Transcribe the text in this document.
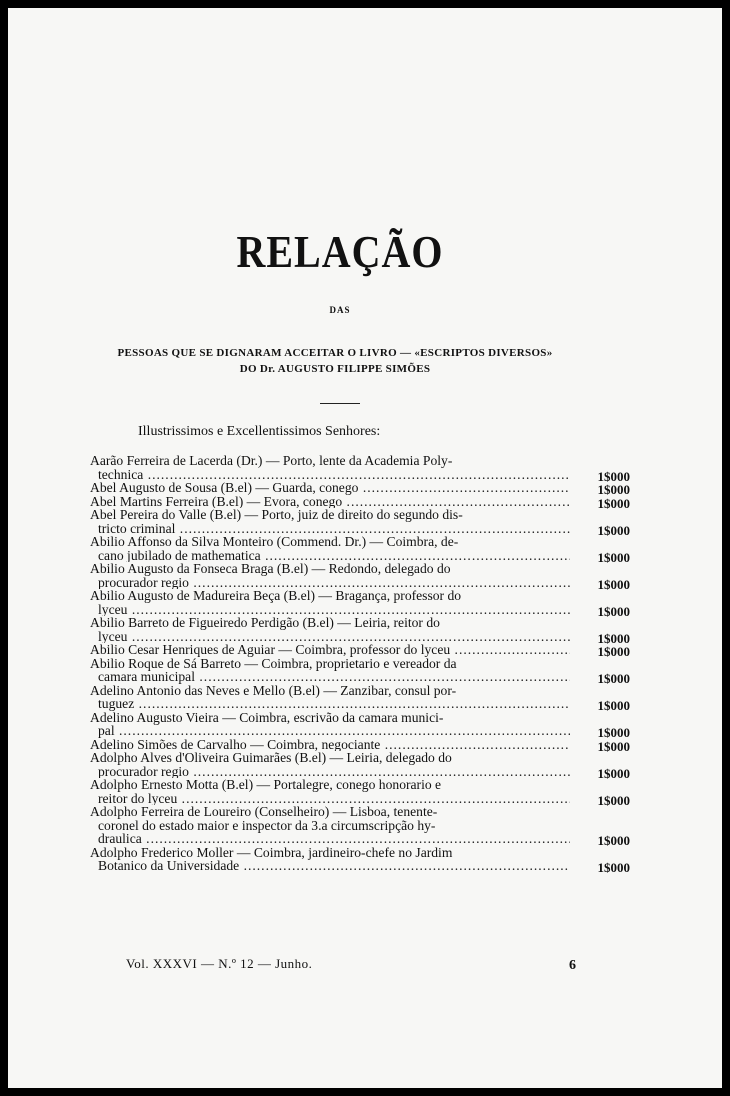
RELAÇÃO
DAS
PESSOAS QUE SE DIGNARAM ACCEITAR O LIVRO — «ESCRIPTOS DIVERSOS»
DO Dr. AUGUSTO FILIPPE SIMÕES
Illustrissimos e Excellentissimos Senhores:
Aarão Ferreira de Lacerda (Dr.) — Porto, lente da Academia Poly-
technica .....	1$000
Abel Augusto de Sousa (B.el) — Guarda, conego .....	1$000
Abel Martins Ferreira (B.el) — Evora, conego .....	1$000
Abel Pereira do Valle (B.el) — Porto, juiz de direito do segundo dis-
tricto criminal .....	1$000
Abilio Affonso da Silva Monteiro (Commend. Dr.) — Coimbra, de-
cano jubilado de mathematica .....	1$000
Abilio Augusto da Fonseca Braga (B.el) — Redondo, delegado do
procurador regio .....	1$000
Abilio Augusto de Madureira Beça (B.el) — Bragança, professor do
lyceu .....	1$000
Abilio Barreto de Figueiredo Perdigão (B.el) — Leiria, reitor do
lyceu .....	1$000
Abilio Cesar Henriques de Aguiar — Coimbra, professor do lyceu .....	1$000
Abilio Roque de Sá Barreto — Coimbra, proprietario e vereador da
camara municipal .....	1$000
Adelino Antonio das Neves e Mello (B.el) — Zanzibar, consul por-
tuguez .....	1$000
Adelino Augusto Vieira — Coimbra, escrivão da camara munici-
pal .....	1$000
Adelino Simões de Carvalho — Coimbra, negociante .....	1$000
Adolpho Alves d'Oliveira Guimarães (B.el) — Leiria, delegado do
procurador regio .....	1$000
Adolpho Ernesto Motta (B.el) — Portalegre, conego honorario e
reitor do lyceu .....	1$000
Adolpho Ferreira de Loureiro (Conselheiro) — Lisboa, tenente-
coronel do estado maior e inspector da 3.a circumscripção hy-
draulica .....	1$000
Adolpho Frederico Moller — Coimbra, jardineiro-chefe no Jardim
Botanico da Universidade .....	1$000
Vol. XXXVI — N.º 12 — Junho.	6
